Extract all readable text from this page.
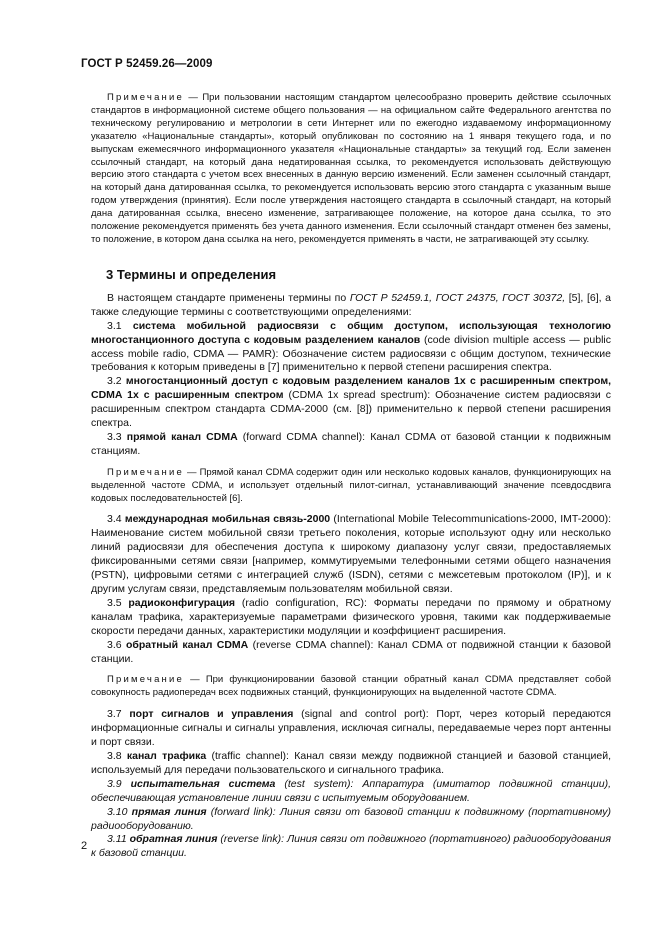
ГОСТ Р 52459.26—2009

Примечание — При пользовании настоящим стандартом целесообразно проверить действие ссылочных стандартов в информационной системе общего пользования — на официальном сайте Федерального агентства по техническому регулированию и метрологии в сети Интернет или по ежегодно издаваемому информационному указателю «Национальные стандарты», который опубликован по состоянию на 1 января текущего года, и по выпускам ежемесячного информационного указателя «Национальные стандарты» за текущий год. Если заменен ссылочный стандарт, на который дана недатированная ссылка, то рекомендуется использовать действующую версию этого стандарта с учетом всех внесенных в данную версию изменений. Если заменен ссылочный стандарт, на который дана датированная ссылка, то рекомендуется использовать версию этого стандарта с указанным выше годом утверждения (принятия). Если после утверждения настоящего стандарта в ссылочный стандарт, на который дана датированная ссылка, внесено изменение, затрагивающее положение, на которое дана ссылка, то это положение рекомендуется применять без учета данного изменения. Если ссылочный стандарт отменен без замены, то положение, в котором дана ссылка на него, рекомендуется применять в части, не затрагивающей эту ссылку.

3 Термины и определения

В настоящем стандарте применены термины по ГОСТ Р 52459.1, ГОСТ 24375, ГОСТ 30372, [5], [6], а также следующие термины с соответствующими определениями:

3.1 система мобильной радиосвязи с общим доступом, использующая технологию многостанционного доступа с кодовым разделением каналов (code division multiple access — public access mobile radio, CDMA — PAMR): Обозначение систем радиосвязи с общим доступом, технические требования к которым приведены в [7] применительно к первой степени расширения спектра.

3.2 многостанционный доступ с кодовым разделением каналов 1x с расширенным спектром, CDMA 1x с расширенным спектром (CDMA 1x spread spectrum): Обозначение систем радиосвязи с расширенным спектром стандарта CDMA-2000 (см. [8]) применительно к первой степени расширения спектра.

3.3 прямой канал CDMA (forward CDMA channel): Канал CDMA от базовой станции к подвижным станциям.

Примечание — Прямой канал CDMA содержит один или несколько кодовых каналов, функционирующих на выделенной частоте CDMA, и использует отдельный пилот-сигнал, устанавливающий значение псевдосдвига кодовых последовательностей [6].

3.4 международная мобильная связь-2000 (International Mobile Telecommunications-2000, IMT-2000): Наименование систем мобильной связи третьего поколения, которые используют одну или несколько линий радиосвязи для обеспечения доступа к широкому диапазону услуг связи, предоставляемых фиксированными сетями связи [например, коммутируемыми телефонными сетями общего назначения (PSTN), цифровыми сетями с интеграцией служб (ISDN), сетями с межсетевым протоколом (IP)], и к другим услугам связи, представляемым пользователям мобильной связи.

3.5 радиоконфигурация (radio configuration, RC): Форматы передачи по прямому и обратному каналам трафика, характеризуемые параметрами физического уровня, такими как поддерживаемые скорости передачи данных, характеристики модуляции и коэффициент расширения.

3.6 обратный канал CDMA (reverse CDMA channel): Канал CDMA от подвижной станции к базовой станции.

Примечание — При функционировании базовой станции обратный канал CDMA представляет собой совокупность радиопередач всех подвижных станций, функционирующих на выделенной частоте CDMA.

3.7 порт сигналов и управления (signal and control port): Порт, через который передаются информационные сигналы и сигналы управления, исключая сигналы, передаваемые через порт антенны и порт связи.

3.8 канал трафика (traffic channel): Канал связи между подвижной станцией и базовой станцией, используемый для передачи пользовательского и сигнального трафика.

3.9 испытательная система (test system): Аппаратура (имитатор подвижной станции), обеспечивающая установление линии связи с испытуемым оборудованием.

3.10 прямая линия (forward link): Линия связи от базовой станции к подвижному (портативному) радиооборудованию.

3.11 обратная линия (reverse link): Линия связи от подвижного (портативного) радиооборудования к базовой станции.

2
